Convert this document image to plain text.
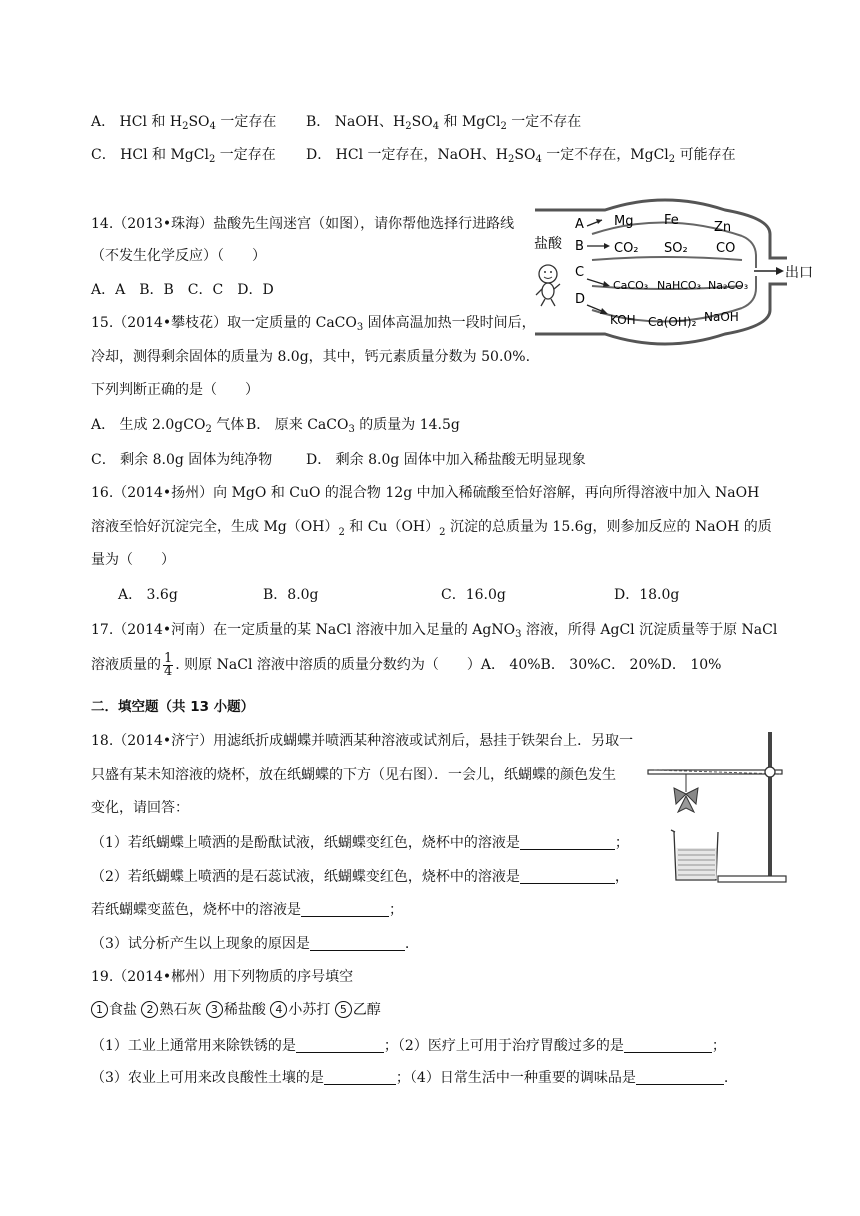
A． HCl 和 $H_2SO_4$ 一定存在 B． NaOH、$H_2SO_4$ 和 MgCl$_2$ 一定不存在
C． HCl 和 MgCl$_2$ 一定存在 D． HCl 一定存在，NaOH、$H_2SO_4$ 一定不存在，MgCl$_2$ 可能存在
14.（2013•珠海）盐酸先生闯迷宫（如图），请你帮他选择行进路线
（不发生化学反应）（　　）
A．A　B．B　C．C　D．D
盐酸
A Mg Fe	Zn
B CO₂ SO₂ CO
C
CaCO₃ NaHCO₃ Na₂CO₃
D
KOH Ca(OH)₂ NaOH
出口
15.（2014•攀枝花）取一定质量的 CaCO$_3$ 固体高温加热一段时间后，
冷却，测得剩余固体的质量为 8.0g，其中，钙元素质量分数为 50.0%.
下列判断正确的是（　　）
A． 生成 2.0gCO$_2$ 气体 B． 原来 CaCO$_3$ 的质量为 14.5g
C． 剩余 8.0g 固体为纯净物 D． 剩余 8.0g 固体中加入稀盐酸无明显现象
16.（2014•扬州）向 MgO 和 CuO 的混合物 12g 中加入稀硫酸至恰好溶解，再向所得溶液中加入 NaOH
溶液至恰好沉淀完全，生成 $Mg(OH)_2$ 和 $Cu(OH)_2$ 沉淀的总质量为 15.6g，则参加反应的 NaOH 的质
量为（　　）
A． 3.6g	B．8.0g	C．16.0g	D．18.0g
17.（2014•河南）在一定质量的某 NaCl 溶液中加入足量的 AgNO$_3$ 溶液，所得 AgCl 沉淀质量等于原 NaCl
溶液质量的 $\frac{1}{4}$ . 则原 NaCl 溶液中溶质的质量分数约为（　　）A． 40%B． 30%C． 20%D． 10%
二．填空题（共 13 小题）
18.（2014•济宁）用滤纸折成蝴蝶并喷洒某种溶液或试剂后，悬挂于铁架台上．另取一
只盛有某未知溶液的烧杯，放在纸蝴蝶的下方（见右图）．一会儿，纸蝴蝶的颜色发生
变化，请回答：
（1）若纸蝴蝶上喷洒的是酚酞试液，纸蝴蝶变红色，烧杯中的溶液是	；
（2）若纸蝴蝶上喷洒的是石蕊试液，纸蝴蝶变红色，烧杯中的溶液是	，
若纸蝴蝶变蓝色，烧杯中的溶液是	；
（3）试分析产生以上现象的原因是	.
19.（2014•郴州）用下列物质的序号填空
1 食盐 2 熟石灰 3 稀盐酸 4 小苏打 5 乙醇
（1）工业上通常用来除铁锈的是	；（2）医疗上可用于治疗胃酸过多的是	；
（3）农业上可用来改良酸性土壤的是	；（4）日常生活中一种重要的调味品是	.
